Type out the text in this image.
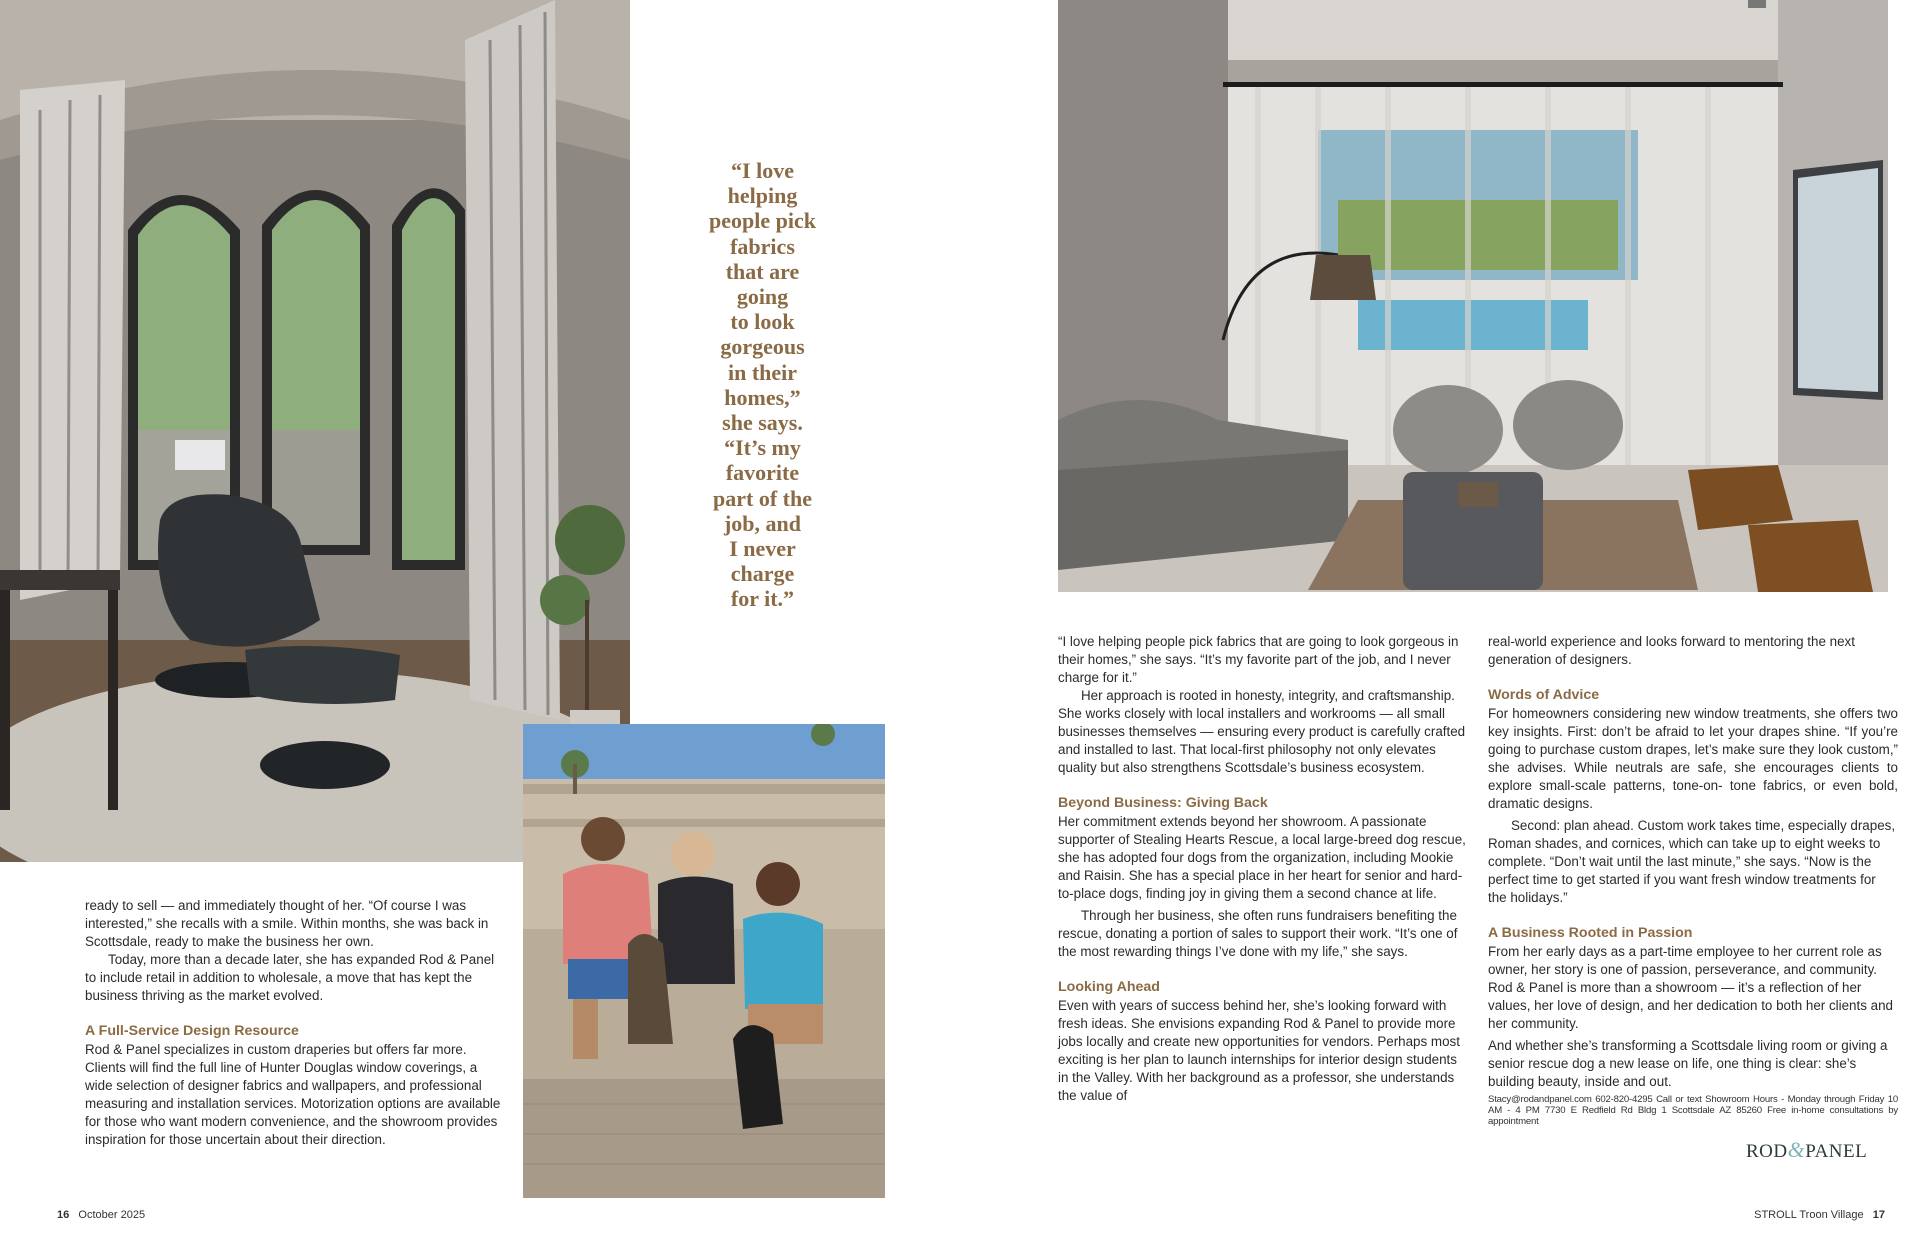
“I love
helping
people pick
fabrics
that are
going
to look
gorgeous
in their
homes,”
she says.
“It’s my
favorite
part of the
job, and
I never
charge
for it.”

ready to sell — and immediately thought of her. “Of course I was interested,” she recalls with a smile. Within months, she was back in Scottsdale, ready to make the business her own.

Today, more than a decade later, she has expanded Rod & Panel to include retail in addition to wholesale, a move that has kept the business thriving as the market evolved.

A Full-Service Design Resource

Rod & Panel specializes in custom draperies but offers far more. Clients will find the full line of Hunter Douglas window coverings, a wide selection of designer fabrics and wallpapers, and professional measuring and installation services. Motorization options are available for those who want modern convenience, and the showroom provides inspiration for those uncertain about their direction.

“I love helping people pick fabrics that are going to look gorgeous in their homes,” she says. “It’s my favorite part of the job, and I never charge for it.”

Her approach is rooted in honesty, integrity, and craftsmanship. She works closely with local installers and workrooms — all small businesses themselves — ensuring every product is carefully crafted and installed to last. That local-first philosophy not only elevates quality but also strengthens Scottsdale’s business ecosystem.

Beyond Business: Giving Back

Her commitment extends beyond her showroom. A passionate supporter of Stealing Hearts Rescue, a local large-breed dog rescue, she has adopted four dogs from the organization, including Mookie and Raisin. She has a special place in her heart for senior and hard-to-place dogs, finding joy in giving them a second chance at life.

Through her business, she often runs fundraisers benefiting the rescue, donating a portion of sales to support their work. “It’s one of the most rewarding things I’ve done with my life,” she says.

Looking Ahead

Even with years of success behind her, she’s looking forward with fresh ideas. She envisions expanding Rod & Panel to provide more jobs locally and create new opportunities for vendors. Perhaps most exciting is her plan to launch internships for interior design students in the Valley. With her background as a professor, she understands the value of

real-world experience and looks forward to mentoring the next generation of designers.

Words of Advice

For homeowners considering new window treatments, she offers two key insights. First: don’t be afraid to let your drapes shine. “If you’re going to purchase custom drapes, let’s make sure they look custom,” she advises. While neutrals are safe, she encourages clients to explore small-scale patterns, tone-on- tone fabrics, or even bold, dramatic designs.

Second: plan ahead. Custom work takes time, especially drapes, Roman shades, and cornices, which can take up to eight weeks to complete. “Don’t wait until the last minute,” she says. “Now is the perfect time to get started if you want fresh window treatments for the holidays.”

A Business Rooted in Passion

From her early days as a part-time employee to her current role as owner, her story is one of passion, perseverance, and community. Rod & Panel is more than a showroom — it’s a reflection of her values, her love of design, and her dedication to both her clients and her community.

And whether she’s transforming a Scottsdale living room or giving a senior rescue dog a new lease on life, one thing is clear: she’s building beauty, inside and out.

Stacy@rodandpanel.com 602-820-4295 Call or text Showroom Hours - Monday through Friday 10 AM - 4 PM 7730 E Redfield Rd Bldg 1 Scottsdale AZ 85260 Free in-home consultations by appointment
ROD&PANEL
16 October 2025	STROLL Troon Village 17
